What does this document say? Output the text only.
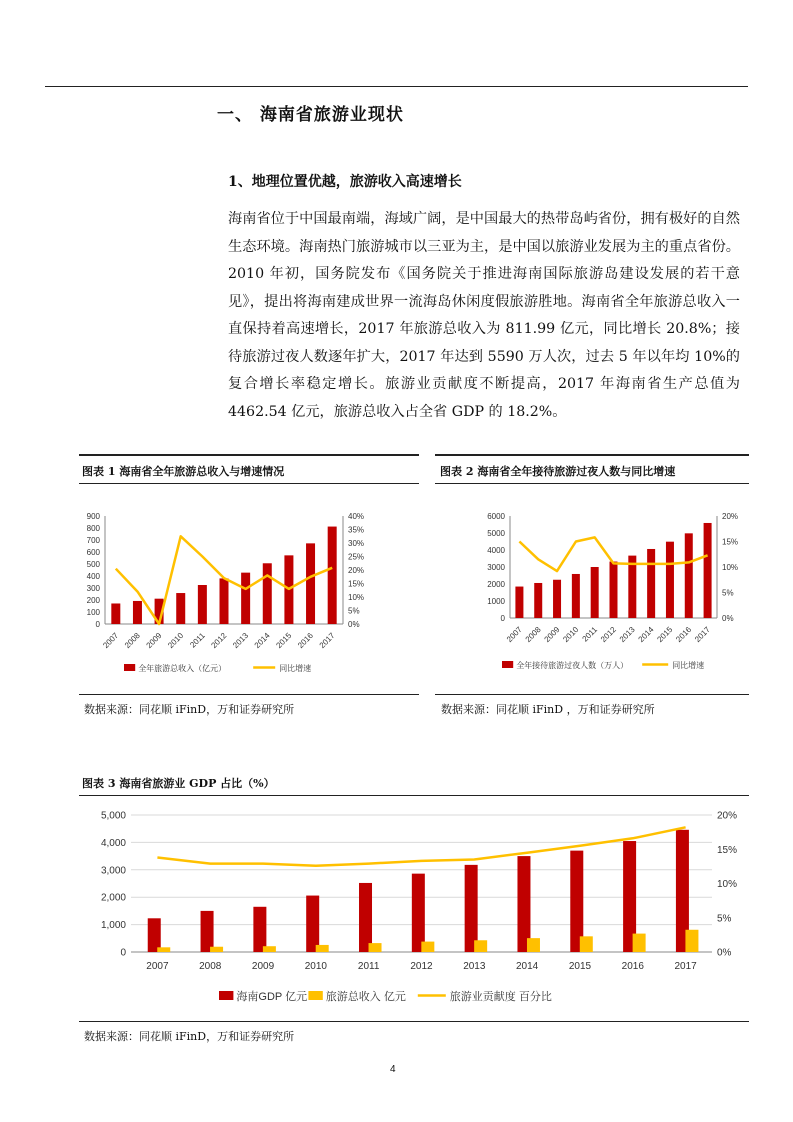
一、 海南省旅游业现状
1、地理位置优越，旅游收入高速增长

海南省位于中国最南端，海域广阔，是中国最大的热带岛屿省份，拥有极好的自然生态环境。海南热门旅游城市以三亚为主，是中国以旅游业发展为主的重点省份。2010 年初，国务院发布《国务院关于推进海南国际旅游岛建设发展的若干意见》，提出将海南建成世界一流海岛休闲度假旅游胜地。海南省全年旅游总收入一直保持着高速增长，2017 年旅游总收入为 811.99 亿元，同比增长 20.8%；接待旅游过夜人数逐年扩大，2017 年达到 5590 万人次，过去 5 年以年均 10%的复合增长率稳定增长。旅游业贡献度不断提高，2017 年海南省生产总值为 4462.54 亿元，旅游总收入占全省 GDP 的 18.2%。

图表 1 海南省全年旅游总收入与增速情况	图表 2 海南省全年接待旅游过夜人数与同比增速
0
100
200
300
400
500
600
700
800
900
0%
5%
10%
15%
20%
25%
30%
35%
40%
2007 2008 2009 2010 2011 2012 2013 2014 2015 2016 2017
全年旅游总收入（亿元）	同比增速
0
1000
2000
3000
4000
5000
6000
0%
5%
10%
15%
20%
2007 2008 2009 2010 2011 2012 2013 2014 2015 2016 2017
全年接待旅游过夜人数（万人）	同比增速
数据来源：同花顺 iFinD，万和证券研究所	数据来源：同花顺 iFinD ，万和证券研究所
图表 3 海南省旅游业 GDP 占比（%）
0
1,000
2,000
3,000
4,000
5,000
0%
5%
10%
15%
20%
2007	2008	2009	2010	2011	2012	2013	2014	2015	2016	2017
海南GDP 亿元 旅游总收入 亿元	旅游业贡献度 百分比
数据来源：同花顺 iFinD，万和证券研究所
4
